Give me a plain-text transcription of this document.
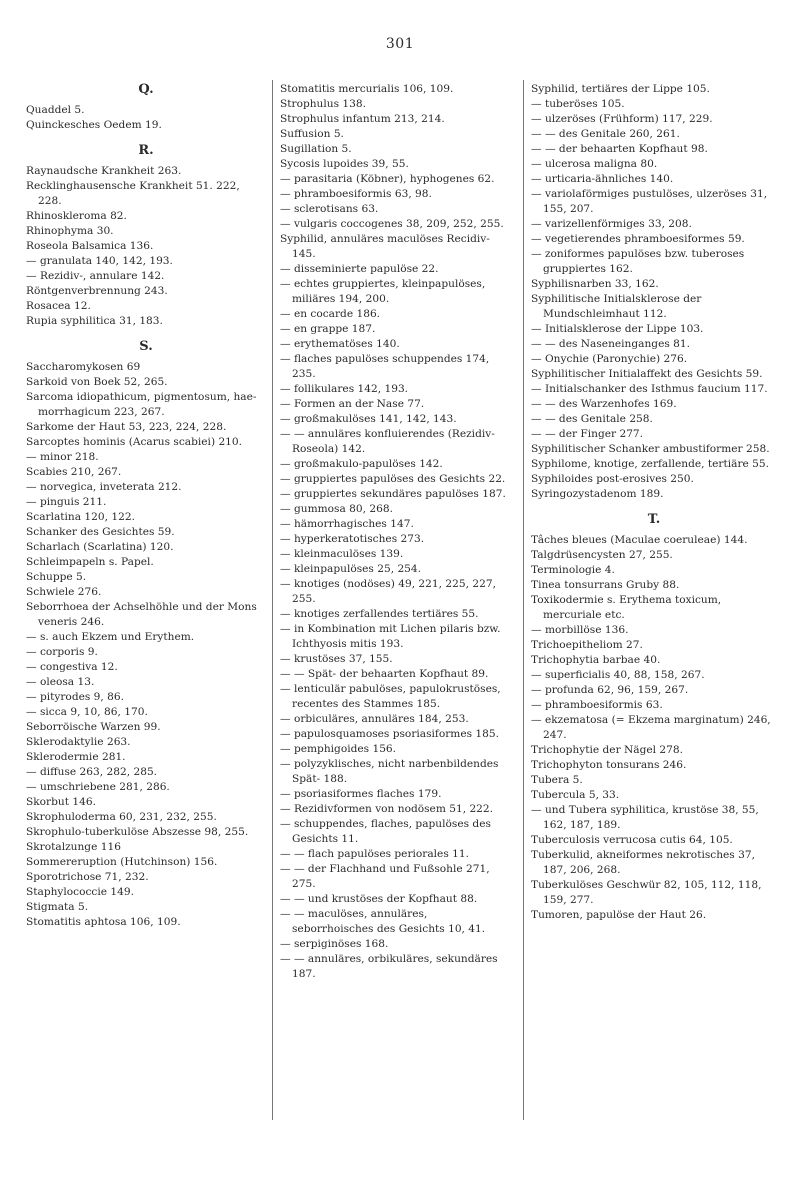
301
Q.
Quaddel 5.
Quinckesches Oedem 19.
R.
Raynaudsche Krankheit 263.
Recklinghausensche Krankheit 51. 222, 228.
Rhinoskleroma 82.
Rhinophyma 30.
Roseola Balsamica 136.
— granulata 140, 142, 193.
— Rezidiv-, annulare 142.
Röntgenverbrennung 243.
Rosacea 12.
Rupia syphilitica 31, 183.
S.
Saccharomykosen 69
Sarkoid von Boek 52, 265.
Sarcoma idiopathicum, pigmentosum, hae-morrhagicum 223, 267.
Sarkome der Haut 53, 223, 224, 228.
Sarcoptes hominis (Acarus scabiei) 210.
— minor 218.
Scabies 210, 267.
— norvegica, inveterata 212.
— pinguis 211.
Scarlatina 120, 122.
Schanker des Gesichtes 59.
Scharlach (Scarlatina) 120.
Schleimpapeln s. Papel.
Schuppe 5.
Schwiele 276.
Seborrhoea der Achselhöhle und der Mons veneris 246.
— s. auch Ekzem und Erythem.
— corporis 9.
— congestiva 12.
— oleosa 13.
— pityrodes 9, 86.
— sicca 9, 10, 86, 170.
Seborröische Warzen 99.
Sklerodaktylie 263.
Sklerodermie 281.
— diffuse 263, 282, 285.
— umschriebene 281, 286.
Skorbut 146.
Skrophuloderma 60, 231, 232, 255.
Skrophulo-tuberkulöse Abszesse 98, 255.
Skrotalzunge 116
Sommereruption (Hutchinson) 156.
Sporotrichose 71, 232.
Staphylococcie 149.
Stigmata 5.
Stomatitis aphtosa 106, 109.
Stomatitis mercurialis 106, 109.
Strophulus 138.
Strophulus infantum 213, 214.
Suffusion 5.
Sugillation 5.
Sycosis lupoides 39, 55.
— parasitaria (Köbner), hyphogenes 62.
— phramboesiformis 63, 98.
— sclerotisans 63.
— vulgaris coccogenes 38, 209, 252, 255.
Syphilid, annuläres maculöses Recidiv- 145.
— disseminierte papulöse 22.
— echtes gruppiertes, kleinpapulöses, miliäres 194, 200.
— en cocarde 186.
— en grappe 187.
— erythematöses 140.
— flaches papulöses schuppendes 174, 235.
— follikulares 142, 193.
— Formen an der Nase 77.
— großmakulöses 141, 142, 143.
— — annuläres konfluierendes (Rezidiv-Roseola) 142.
— großmakulo-papulöses 142.
— gruppiertes papulöses des Gesichts 22.
— gruppiertes sekundäres papulöses 187.
— gummosa 80, 268.
— hämorrhagisches 147.
— hyperkeratotisches 273.
— kleinmaculöses 139.
— kleinpapulöses 25, 254.
— knotiges (nodöses) 49, 221, 225, 227, 255.
— knotiges zerfallendes tertiäres 55.
— in Kombination mit Lichen pilaris bzw. Ichthyosis mitis 193.
— krustöses 37, 155.
— — Spät- der behaarten Kopfhaut 89.
— lenticulär pabulöses, papulokrustöses, recentes des Stammes 185.
— orbiculäres, annuläres 184, 253.
— papulosquamoses psoriasiformes 185.
— pemphigoides 156.
— polyzyklisches, nicht narbenbildendes Spät- 188.
— psoriasiformes flaches 179.
— Rezidivformen von nodösem 51, 222.
— schuppendes, flaches, papulöses des Gesichts 11.
— — flach papulöses periorales 11.
— — der Flachhand und Fußsohle 271, 275.
— — und krustöses der Kopfhaut 88.
— — maculöses, annuläres, seborrhoisches des Gesichts 10, 41.
— serpiginöses 168.
— — annuläres, orbikuläres, sekundäres 187.
Syphilid, tertiäres der Lippe 105.
— tuberöses 105.
— ulzeröses (Frühform) 117, 229.
— — des Genitale 260, 261.
— — der behaarten Kopfhaut 98.
— ulcerosa maligna 80.
— urticaria-ähnliches 140.
— variolaförmiges pustulöses, ulzeröses 31, 155, 207.
— varizellenförmiges 33, 208.
— vegetierendes phramboesiformes 59.
— zoniformes papulöses bzw. tuberoses gruppiertes 162.
Syphilisnarben 33, 162.
Syphilitische Initialsklerose der Mundschleimhaut 112.
— Initialsklerose der Lippe 103.
— — des Naseneinganges 81.
— Onychie (Paronychie) 276.
Syphilitischer Initialaffekt des Gesichts 59.
— Initialschanker des Isthmus faucium 117.
— — des Warzenhofes 169.
— — des Genitale 258.
— — der Finger 277.
Syphilitischer Schanker ambustiformer 258.
Syphilome, knotige, zerfallende, tertiäre 55.
Syphiloides post-erosives 250.
Syringozystadenom 189.
T.
Tâches bleues (Maculae coeruleae) 144.
Talgdrüsencysten 27, 255.
Terminologie 4.
Tinea tonsurrans Gruby 88.
Toxikodermie s. Erythema toxicum, mercuriale etc.
— morbillöse 136.
Trichoepitheliom 27.
Trichophytia barbae 40.
— superficialis 40, 88, 158, 267.
— profunda 62, 96, 159, 267.
— phramboesiformis 63.
— ekzematosa (= Ekzema marginatum) 246, 247.
Trichophytie der Nägel 278.
Trichophyton tonsurans 246.
Tubera 5.
Tubercula 5, 33.
— und Tubera syphilitica, krustöse 38, 55, 162, 187, 189.
Tuberculosis verrucosa cutis 64, 105.
Tuberkulid, akneiformes nekrotisches 37, 187, 206, 268.
Tuberkulöses Geschwür 82, 105, 112, 118, 159, 277.
Tumoren, papulöse der Haut 26.
